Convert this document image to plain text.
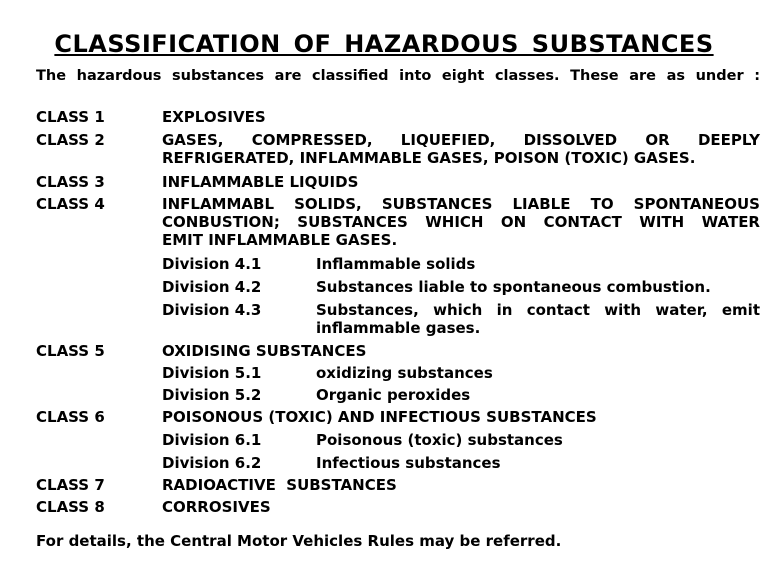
CLASSIFICATION OF HAZARDOUS SUBSTANCES
The hazardous substances are classified into eight classes. These are as under :
CLASS 1	EXPLOSIVES
CLASS 2	GASES, COMPRESSED, LIQUEFIED, DISSOLVED OR DEEPLY
REFRIGERATED, INFLAMMABLE GASES, POISON (TOXIC) GASES.
CLASS 3	INFLAMMABLE LIQUIDS
CLASS 4	INFLAMMABL SOLIDS, SUBSTANCES LIABLE TO SPONTANEOUS
CONBUSTION; SUBSTANCES WHICH ON CONTACT WITH WATER
EMIT INFLAMMABLE GASES.
Division 4.1	Inflammable solids
Division 4.2	Substances liable to spontaneous combustion.
Division 4.3	Substances, which in contact with water, emit
inflammable gases.
CLASS 5	OXIDISING SUBSTANCES
Division 5.1	oxidizing substances
Division 5.2	Organic peroxides
CLASS 6	POISONOUS (TOXIC) AND INFECTIOUS SUBSTANCES
Division 6.1	Poisonous (toxic) substances
Division 6.2	Infectious substances
CLASS 7	RADIOACTIVE  SUBSTANCES
CLASS 8	CORROSIVES
For details, the Central Motor Vehicles Rules may be referred.
